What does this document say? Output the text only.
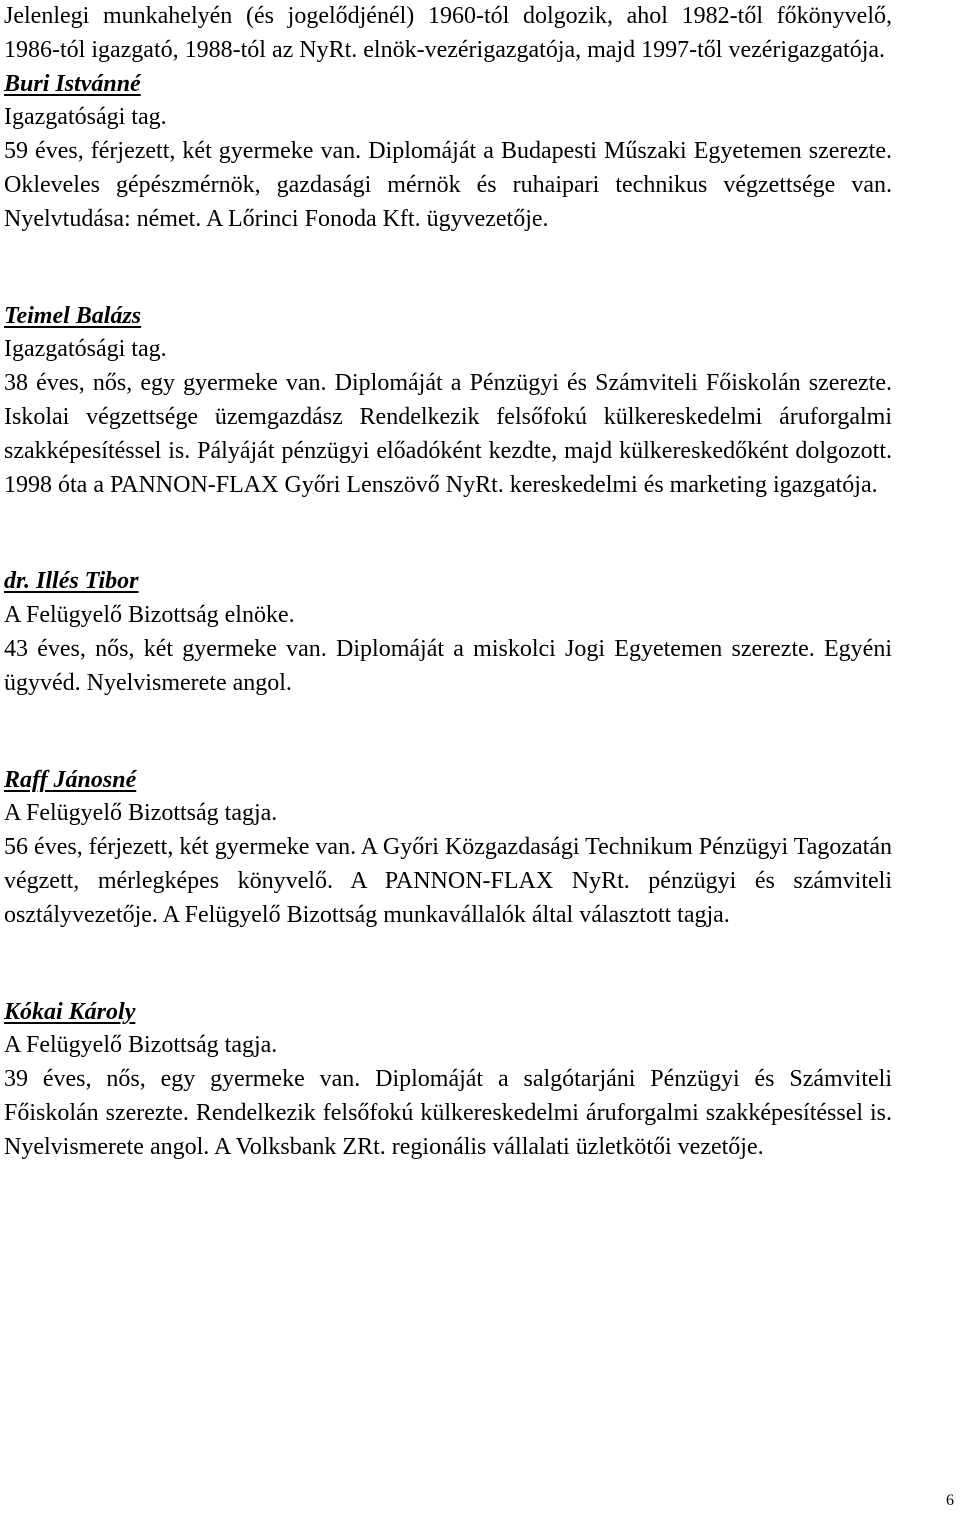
Jelenlegi munkahelyén (és jogelődjénél) 1960-tól dolgozik, ahol 1982-től főkönyvelő, 1986-tól igazgató, 1988-tól az NyRt. elnök-vezérigazgatója, majd 1997-től vezérigazgatója.

Buri Istvánné

Igazgatósági tag.

59 éves, férjezett, két gyermeke van. Diplomáját a Budapesti Műszaki Egyetemen szerezte. Okleveles gépészmérnök, gazdasági mérnök és ruhaipari technikus végzettsége van. Nyelvtudása: német. A Lőrinci Fonoda Kft. ügyvezetője.

Teimel Balázs

Igazgatósági tag.

38 éves, nős, egy gyermeke van. Diplomáját a Pénzügyi és Számviteli Főiskolán szerezte. Iskolai végzettsége üzemgazdász Rendelkezik felsőfokú külkereskedelmi áruforgalmi szakképesítéssel is. Pályáját pénzügyi előadóként kezdte, majd külkereskedőként dolgozott. 1998 óta a PANNON-FLAX Győri Lenszövő NyRt. kereskedelmi és marketing igazgatója.

dr. Illés Tibor

A Felügyelő Bizottság elnöke.

43 éves, nős, két gyermeke van. Diplomáját a miskolci Jogi Egyetemen szerezte. Egyéni ügyvéd. Nyelvismerete angol.

Raff Jánosné

A Felügyelő Bizottság tagja.

56 éves, férjezett, két gyermeke van. A Győri Közgazdasági Technikum Pénzügyi Tagozatán végzett, mérlegképes könyvelő. A PANNON-FLAX NyRt. pénzügyi és számviteli osztályvezetője. A Felügyelő Bizottság munkavállalók által választott tagja.

Kókai Károly

A Felügyelő Bizottság tagja.

39 éves, nős, egy gyermeke van. Diplomáját a salgótarjáni Pénzügyi és Számviteli Főiskolán szerezte. Rendelkezik felsőfokú külkereskedelmi áruforgalmi szakképesítéssel is. Nyelvismerete angol. A Volksbank ZRt. regionális vállalati üzletkötői vezetője.

6
